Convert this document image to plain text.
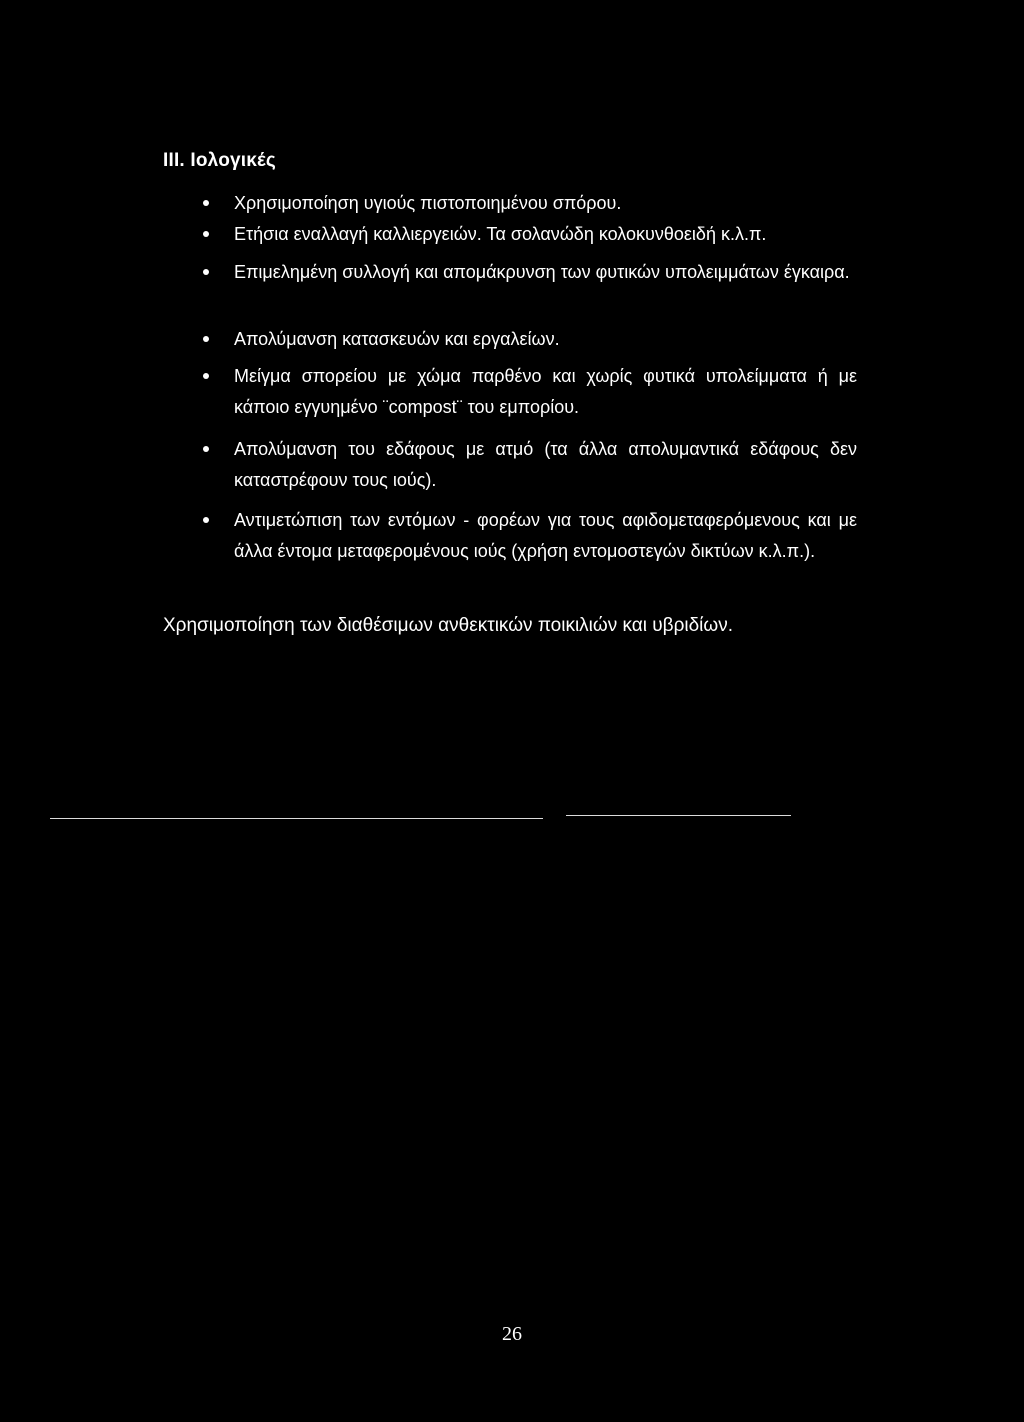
III. Ιολογικές
Χρησιμοποίηση υγιούς πιστοποιημένου σπόρου.
Ετήσια εναλλαγή καλλιεργειών. Τα σολανώδη κολοκυνθοειδή κ.λ.π.
Επιμελημένη συλλογή και απομάκρυνση των φυτικών υπολειμμάτων έγκαιρα.
Απολύμανση κατασκευών και εργαλείων.
Μείγμα σπορείου με χώμα παρθένο και χωρίς φυτικά υπολείμματα ή με κάποιο εγγυημένο ¨compost¨ του εμπορίου.
Απολύμανση του εδάφους με ατμό (τα άλλα απολυμαντικά εδάφους δεν καταστρέφουν τους ιούς).
Αντιμετώπιση των εντόμων - φορέων για τους αφιδομεταφερόμενους και με άλλα έντομα μεταφερομένους ιούς (χρήση εντομοστεγών δικτύων κ.λ.π.).
Χρησιμοποίηση των διαθέσιμων ανθεκτικών ποικιλιών και υβριδίων.
26
